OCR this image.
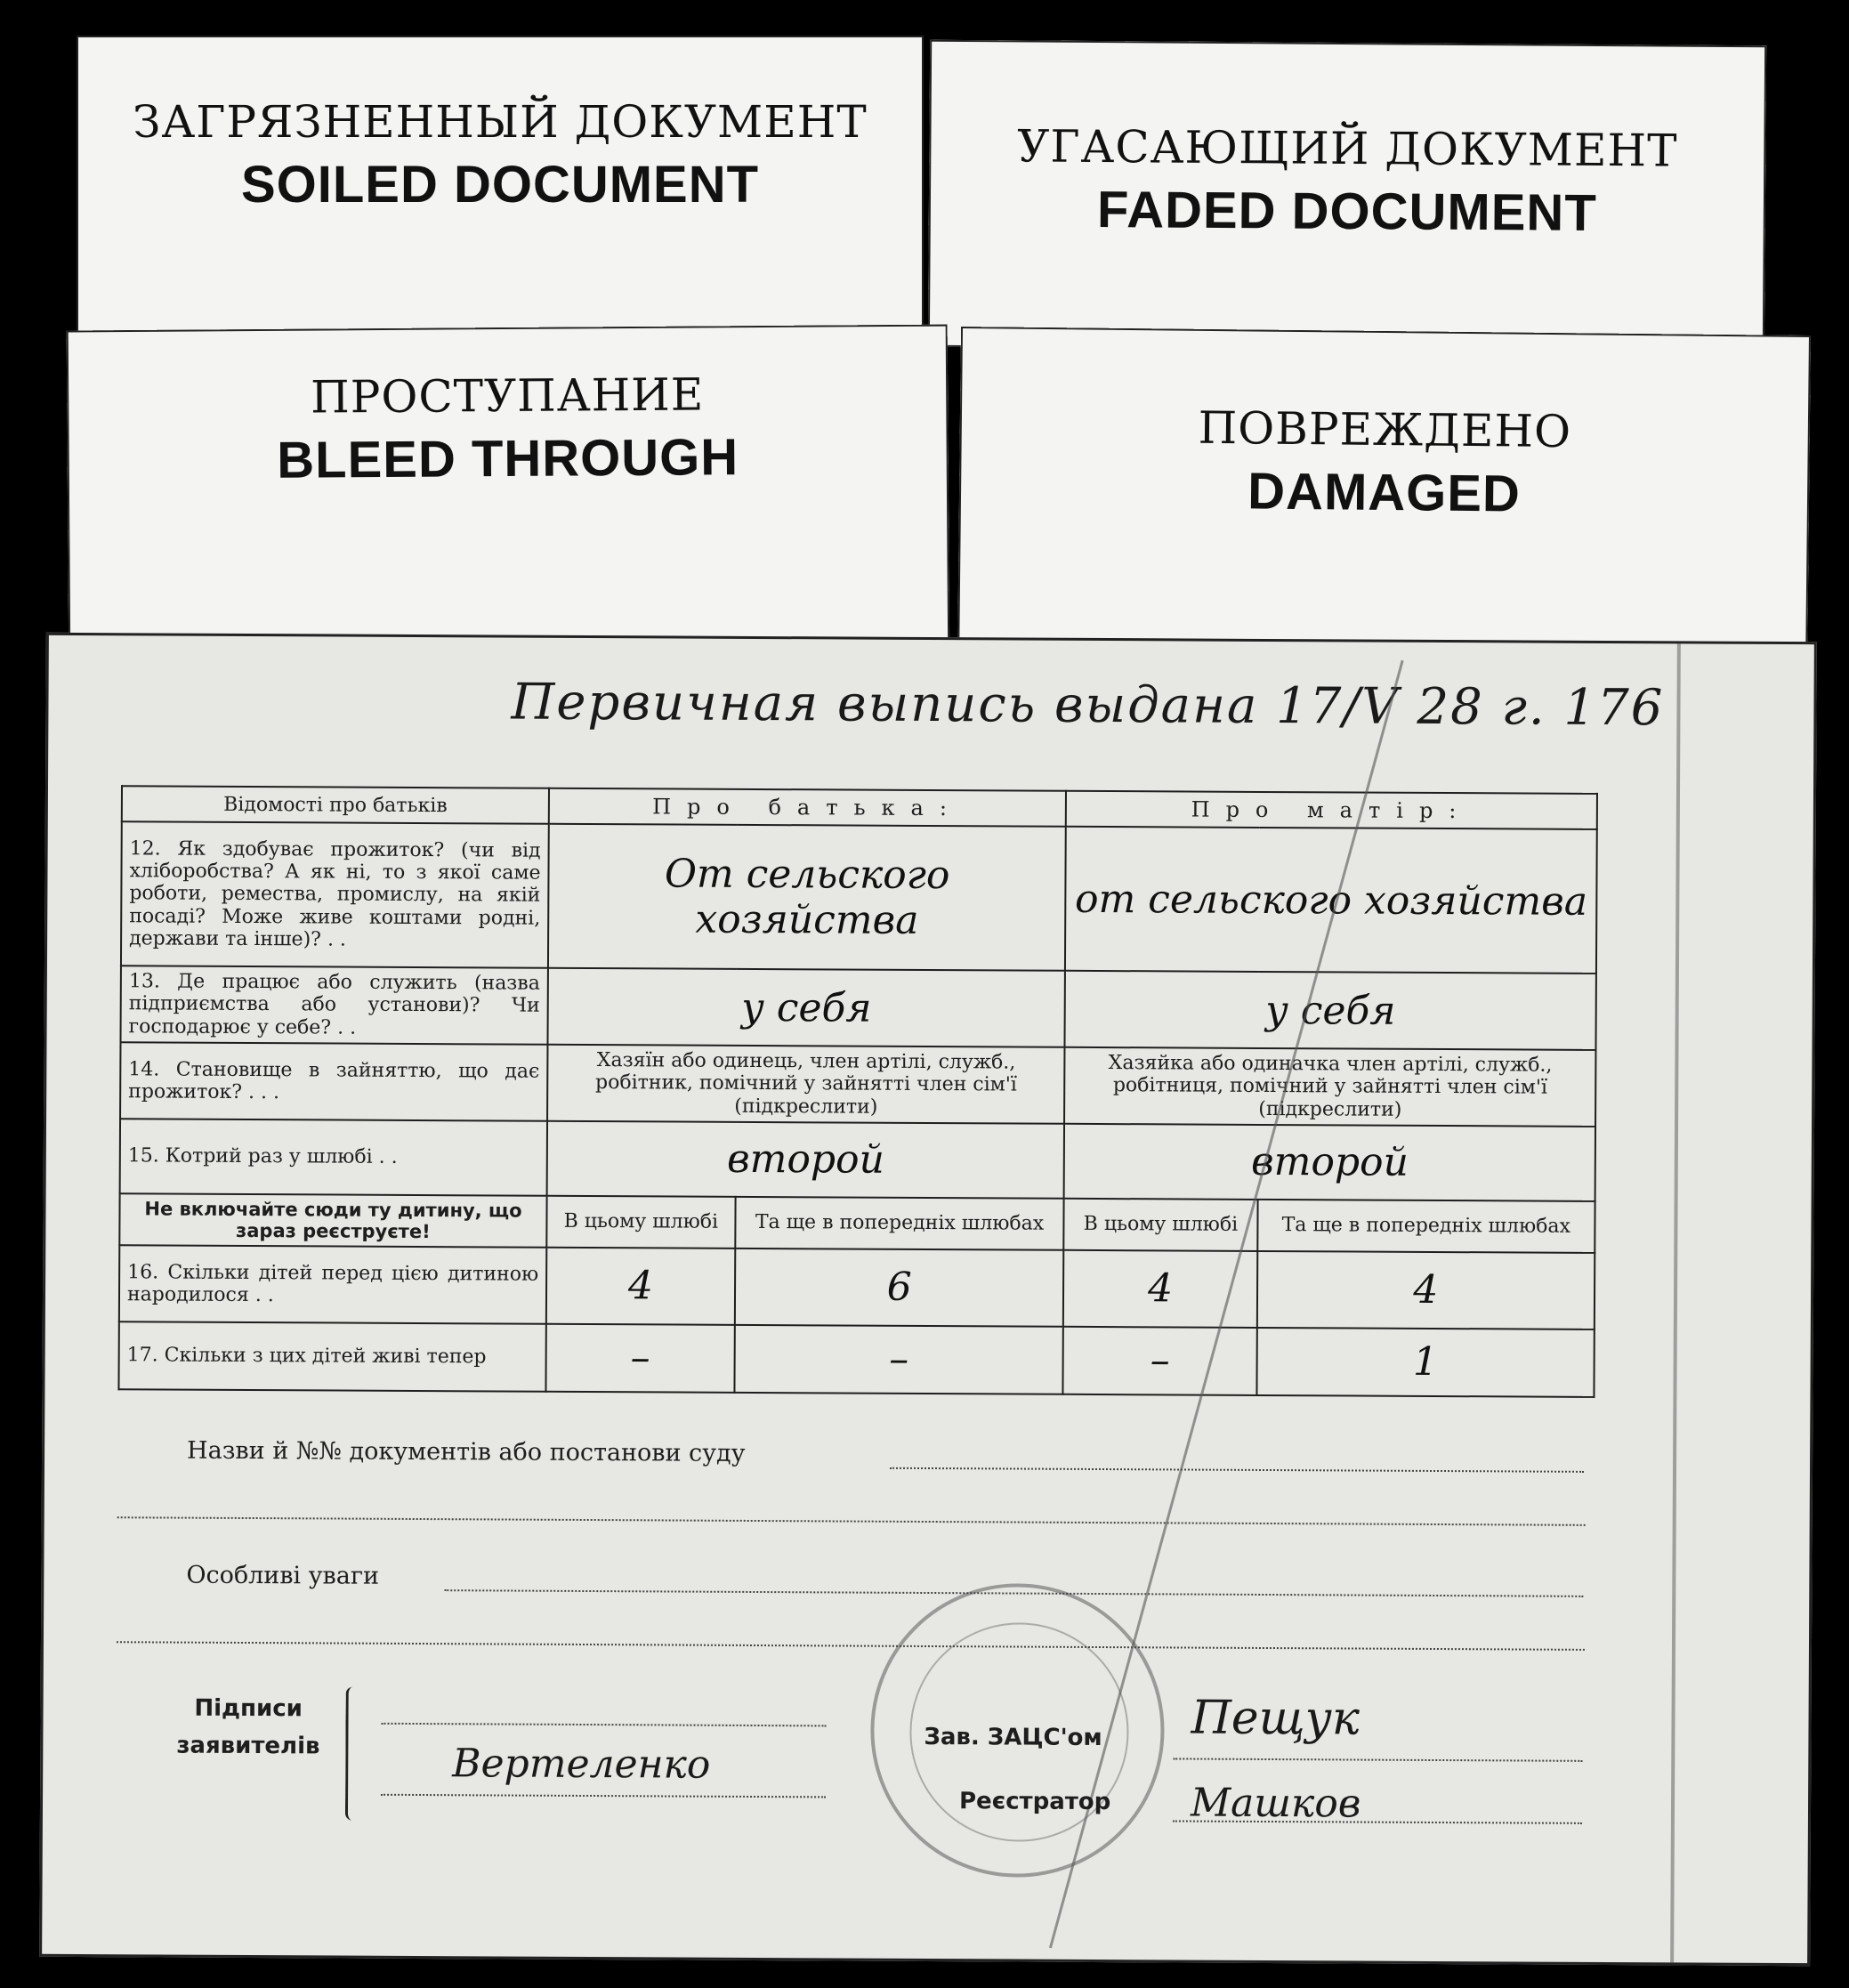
ЗАГРЯЗНЕННЫЙ ДОКУМЕНТ
SOILED DOCUMENT
УГАСАЮЩИЙ ДОКУМЕНТ
FADED DOCUMENT
ПРОСТУПАНИЕ
BLEED THROUGH	ПОВРЕЖДЕНО
DAMAGED
Первичная выпись выдана 17/V 28 г. 176
Відомості про батьків	Про батька:		Про матір:	
12. Як здобуває прожиток? (чи від хліборобства? А як ні, то з якої саме роботи, ремества, промислу, на якій посаді? Може живе коштами родні, держави та інше)? . .	От сельского хозяйства		от сельского хозяйства	
13. Де працює або служить (назва підприємства або установи)? Чи господарює у себе? . .	у себя		у себя	
14. Становище в зайняттю, що дає прожиток? . . .	Хазяїн або одинець, член артілі, служб., робітник, помічний у зайнятті член сім'ї (підкреслити)		Хазяйка або одиначка член артілі, служб., робітниця, помічний у зайнятті член сім'ї (підкреслити)	
15. Котрий раз у шлюбі . .	второй		второй	
Не включайте сюди ту дитину, що зараз реєструєте!	В цьому шлюбі	Та ще в попередніх шлюбах	В цьому шлюбі	Та ще в попередніх шлюбах
16. Скільки дітей перед цією дитиною народилося . .	4	6	4	4
17. Скільки з цих дітей живі тепер	–	–	–	1
Назви й №№ документів або постанови суду
Особливі уваги
Підписи
заявителів	Вертеленко
Зав. ЗАЦС'ом
Реєстратор
Пещук
Машков
